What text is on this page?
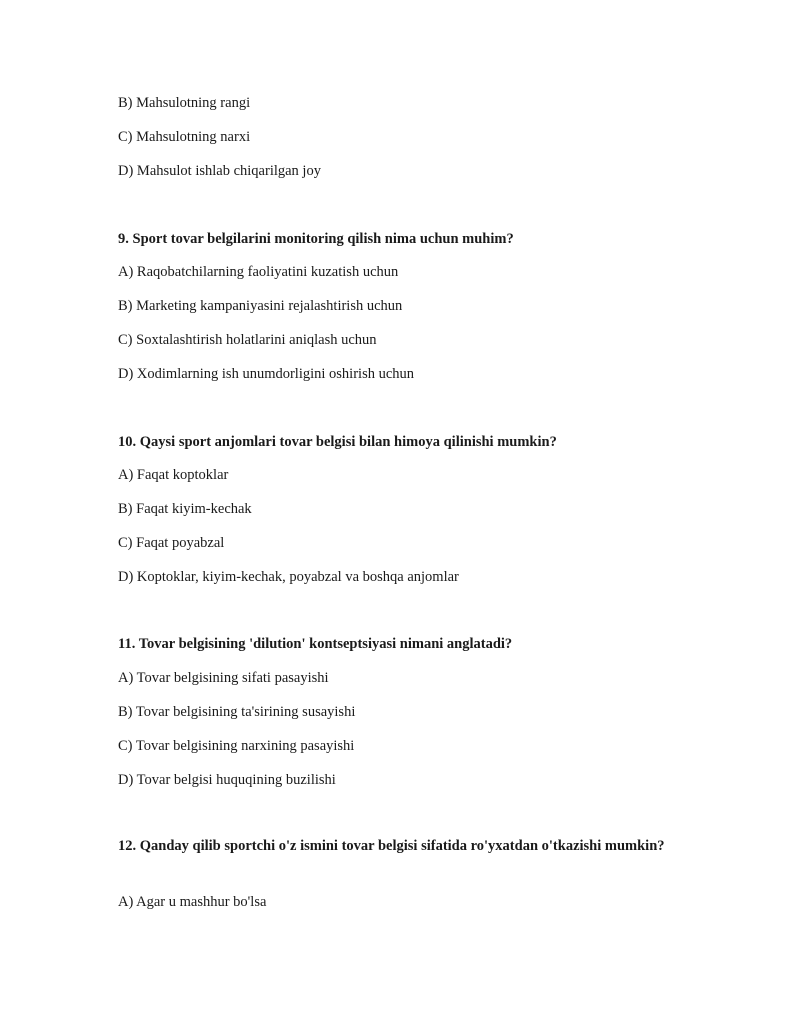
B) Mahsulotning rangi
C) Mahsulotning narxi
D) Mahsulot ishlab chiqarilgan joy
9. Sport tovar belgilarini monitoring qilish nima uchun muhim?
A) Raqobatchilarning faoliyatini kuzatish uchun
B) Marketing kampaniyasini rejalashtirish uchun
C) Soxtalashtirish holatlarini aniqlash uchun
D) Xodimlarning ish unumdorligini oshirish uchun
10. Qaysi sport anjomlari tovar belgisi bilan himoya qilinishi mumkin?
A) Faqat koptoklar
B) Faqat kiyim-kechak
C) Faqat poyabzal
D) Koptoklar, kiyim-kechak, poyabzal va boshqa anjomlar
11. Tovar belgisining 'dilution' kontseptsiyasi nimani anglatadi?
A) Tovar belgisining sifati pasayishi
B) Tovar belgisining ta'sirining susayishi
C) Tovar belgisining narxining pasayishi
D) Tovar belgisi huquqining buzilishi
12. Qanday qilib sportchi o'z ismini tovar belgisi sifatida ro'yxatdan o'tkazishi mumkin?
A) Agar u mashhur bo'lsa
